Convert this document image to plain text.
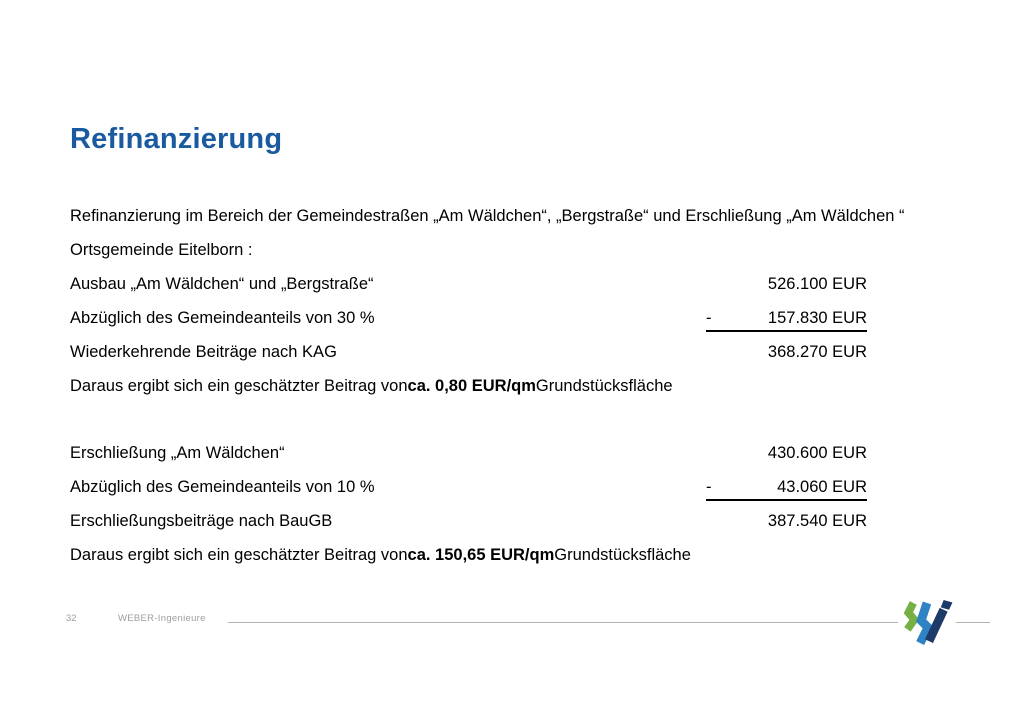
Refinanzierung
Refinanzierung im Bereich der Gemeindestraßen „Am Wäldchen“, „Bergstraße“ und Erschließung „Am Wäldchen “
Ortsgemeinde Eitelborn :
Ausbau „Am Wäldchen“ und „Bergstraße“	526.100 EUR
Abzüglich des Gemeindeanteils von 30 %	-	157.830 EUR
Wiederkehrende Beiträge nach KAG	368.270 EUR
Daraus ergibt sich ein geschätzter Beitrag von ca. 0,80 EUR/qm Grundstücksfläche
Erschließung „Am Wäldchen“	430.600 EUR
Abzüglich des Gemeindeanteils von 10 %	-	43.060 EUR
Erschließungsbeiträge nach BauGB	387.540 EUR
Daraus ergibt sich ein geschätzter Beitrag von ca. 150,65 EUR/qm Grundstücksfläche
32	WEBER-Ingenieure
